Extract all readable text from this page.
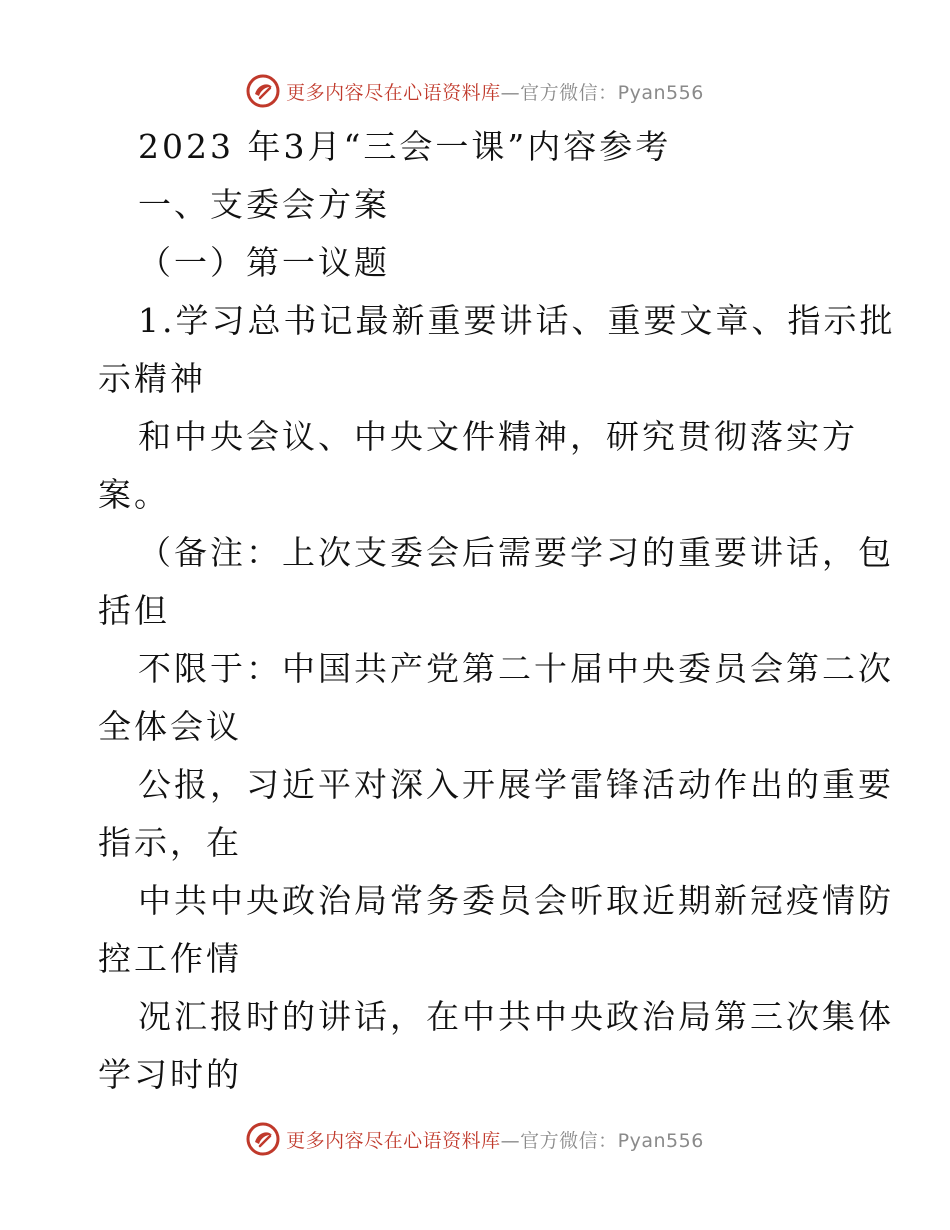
更多内容尽在心语资料库 —官方微信：Pyan556
2023 年3月“三会一课”内容参考
一、支委会方案
（一）第一议题
1.学习总书记最新重要讲话、重要文章、指示批
示精神
和中央会议、中央文件精神，研究贯彻落实方
案。
（备注：上次支委会后需要学习的重要讲话，包
括但
不限于：中国共产党第二十届中央委员会第二次
全体会议
公报，习近平对深入开展学雷锋活动作出的重要
指示，在
中共中央政治局常务委员会听取近期新冠疫情防
控工作情
况汇报时的讲话，在中共中央政治局第三次集体
学习时的
更多内容尽在心语资料库 —官方微信：Pyan556
